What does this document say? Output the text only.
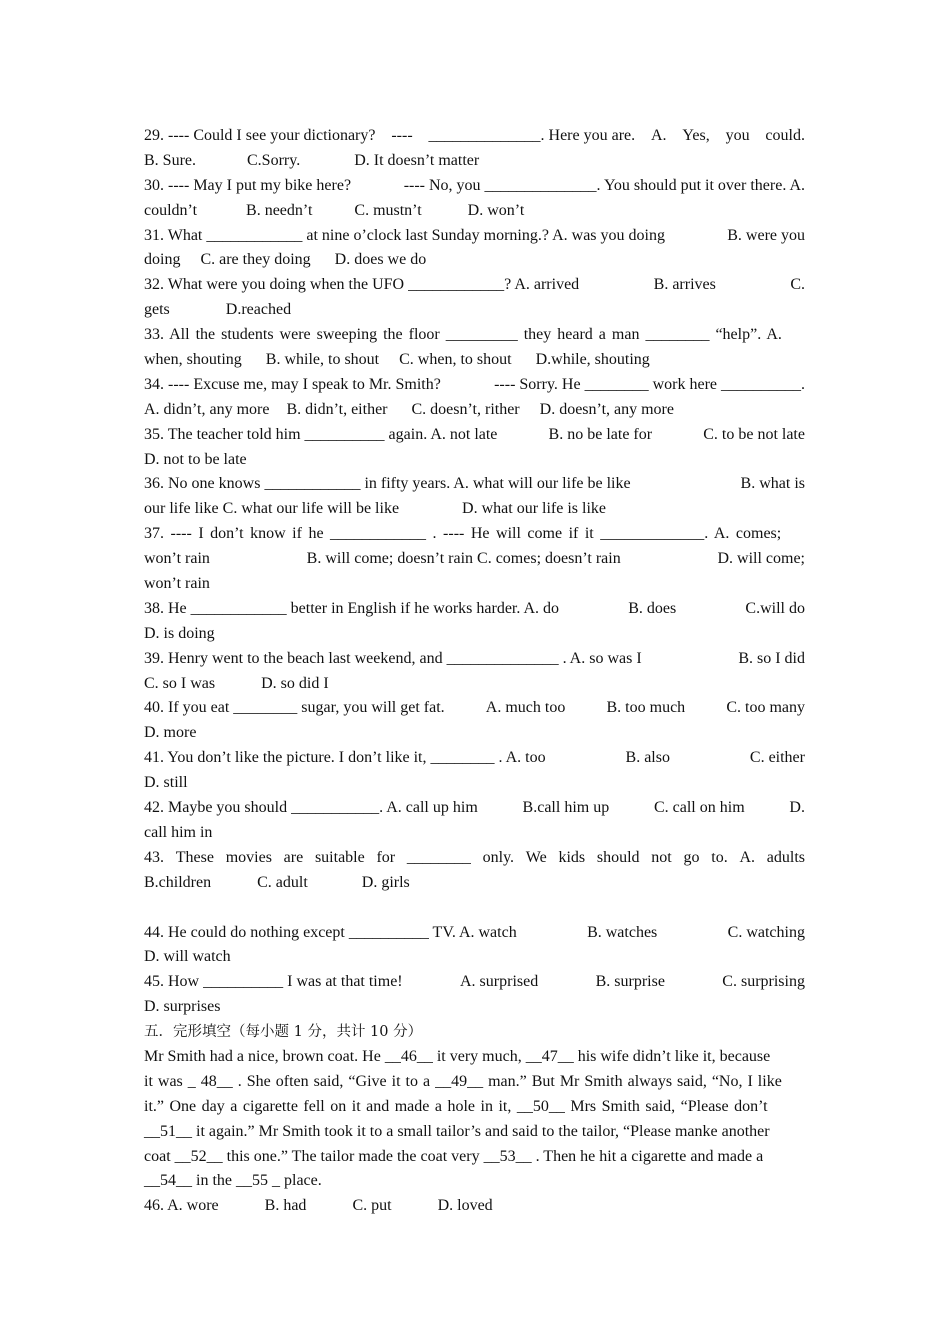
29. ---- Could I see your dictionary? ---- ______________. Here you are. A. Yes, you could.
B. Sure.	C.Sorry.	D. It doesn’t matter
30. ---- May I put my bike here?	---- No, you ______________. You should put it over there. A.
couldn’t	B. needn’t	C. mustn’t	D. won’t
31. What ____________ at nine o’clock last Sunday morning.? A. was you doing	B. were you
doing C. are they doing D. does we do
32. What were you doing when the UFO ____________? A. arrived	B. arrives	C.
gets	D.reached
33. All the students were sweeping the floor _________ they heard a man ________ “help”. A.
when, shouting B. while, to shout C. when, to shout D.while, shouting
34. ---- Excuse me, may I speak to Mr. Smith?	---- Sorry. He ________ work here __________.
A. didn’t, any more B. didn’t, either C. doesn’t, rither D. doesn’t, any more
35. The teacher told him __________ again. A. not late	B. no be late for	C. to be not late
D. not to be late
36. No one knows ____________ in fifty years. A. what will our life be like	B. what is
our life like C. what our life will be like	D. what our life is like
37. ---- I don’t know if he ____________ . ---- He will come if it _____________. A. comes;
won’t rain	B. will come; doesn’t rain C. comes; doesn’t rain	D. will come;
won’t rain
38. He ____________ better in English if he works harder. A. do	B. does	C.will do
D. is doing
39. Henry went to the beach last weekend, and ______________ . A. so was I	B. so I did
C. so I was	D. so did I
40. If you eat ________ sugar, you will get fat.	A. much too	B. too much	C. too many
D. more
41. You don’t like the picture. I don’t like it, ________ . A. too	B. also	C. either
D. still
42. Maybe you should ___________. A. call up him	B.call him up	C. call on him	D.
call him in
43. These movies are suitable for ________ only. We kids should not go to. A. adults
B.children	C. adult	D. girls
44. He could do nothing except __________ TV. A. watch	B. watches	C. watching
D. will watch
45. How __________ I was at that time!	A. surprised	B. surprise	C. surprising
D. surprises
五．完形填空（每小题 1 分，共计 10 分）
Mr Smith had a nice, brown coat. He __46__ it very much, __47__ his wife didn’t like it, because
it was _ 48__ . She often said, “Give it to a __49__ man.” But Mr Smith always said, “No, I like
it.” One day a cigarette fell on it and made a hole in it, __50__ Mrs Smith said, “Please don’t
__51__ it again.” Mr Smith took it to a small tailor’s and said to the tailor, “Please manke another
coat __52__ this one.” The tailor made the coat very __53__ . Then he hit a cigarette and made a
__54__ in the __55 _ place.
46. A. wore	B. had	C. put	D. loved
